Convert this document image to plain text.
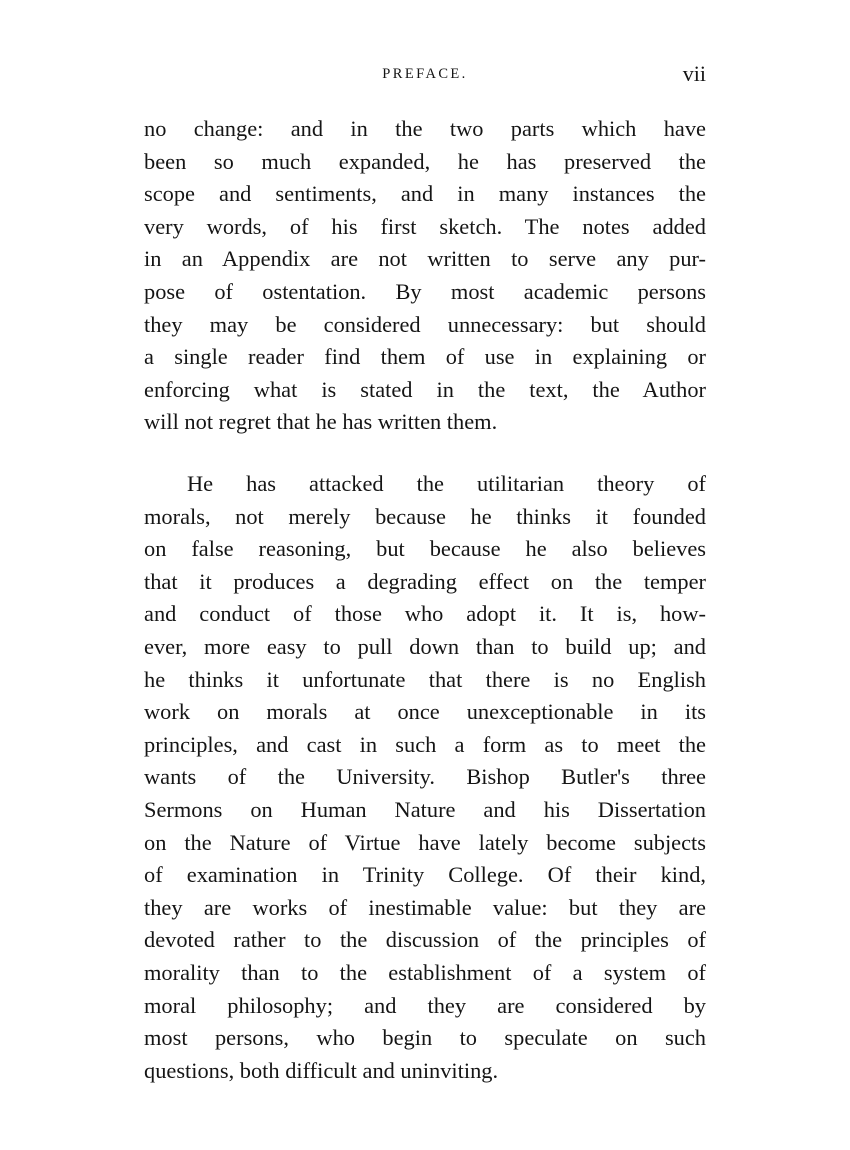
PREFACE.	vii
no change: and in the two parts which have
been so much expanded, he has preserved the
scope and sentiments, and in many instances the
very words, of his first sketch. The notes added
in an Appendix are not written to serve any pur-
pose of ostentation. By most academic persons
they may be considered unnecessary: but should
a single reader find them of use in explaining or
enforcing what is stated in the text, the Author
will not regret that he has written them.
He has attacked the utilitarian theory of
morals, not merely because he thinks it founded
on false reasoning, but because he also believes
that it produces a degrading effect on the temper
and conduct of those who adopt it. It is, how-
ever, more easy to pull down than to build up; and
he thinks it unfortunate that there is no English
work on morals at once unexceptionable in its
principles, and cast in such a form as to meet the
wants of the University. Bishop Butler's three
Sermons on Human Nature and his Dissertation
on the Nature of Virtue have lately become subjects
of examination in Trinity College. Of their kind,
they are works of inestimable value: but they are
devoted rather to the discussion of the principles of
morality than to the establishment of a system of
moral philosophy; and they are considered by
most persons, who begin to speculate on such
questions, both difficult and uninviting.
